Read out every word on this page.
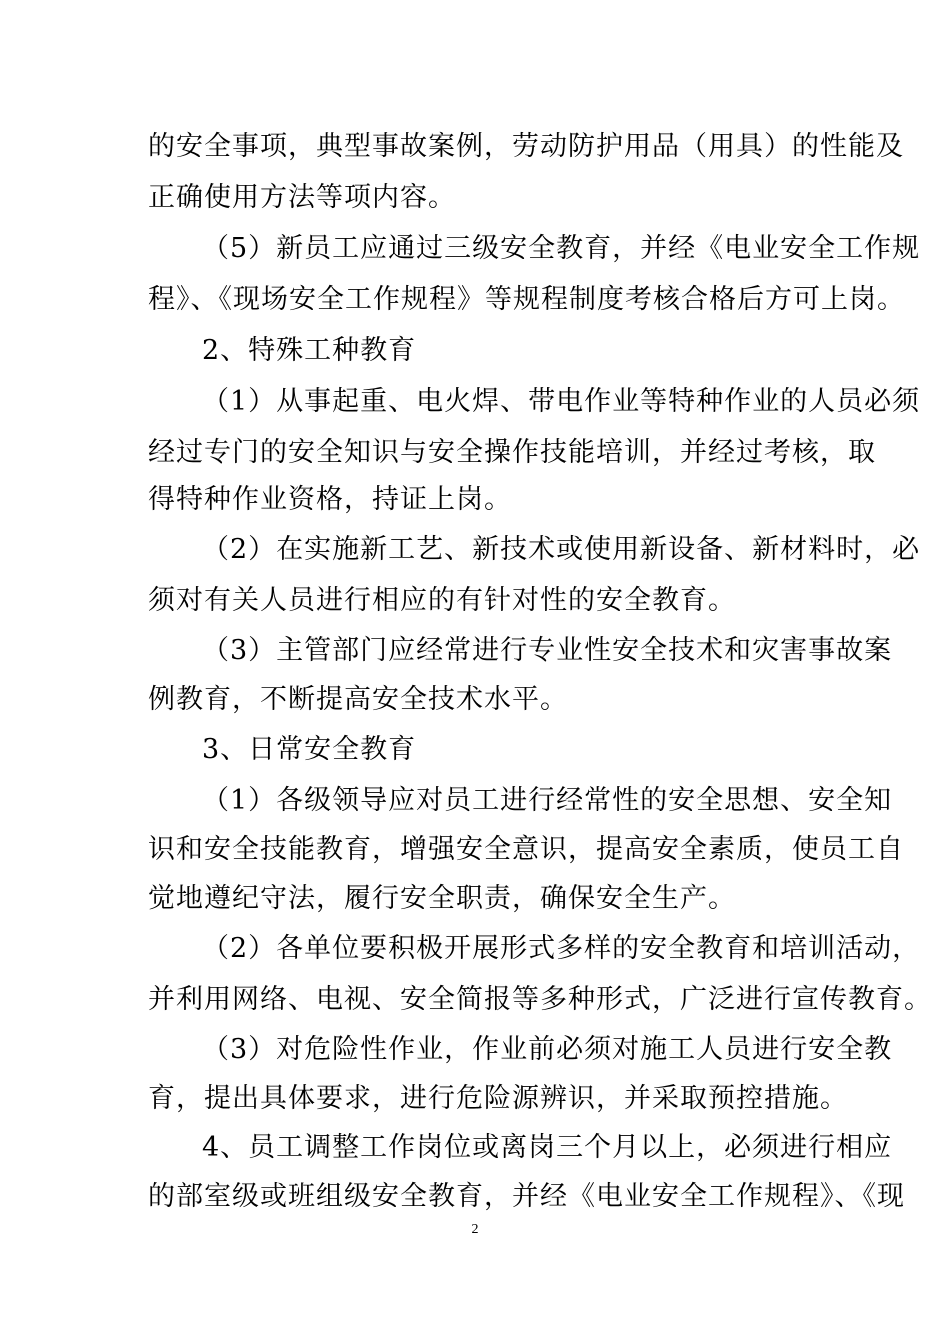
的安全事项，典型事故案例，劳动防护用品（用具）的性能及
正确使用方法等项内容。
（5）新员工应通过三级安全教育，并经《电业安全工作规
程》、《现场安全工作规程》等规程制度考核合格后方可上岗。
2、特殊工种教育
（1）从事起重、电火焊、带电作业等特种作业的人员必须
经过专门的安全知识与安全操作技能培训，并经过考核，取
得特种作业资格，持证上岗。
（2）在实施新工艺、新技术或使用新设备、新材料时，必
须对有关人员进行相应的有针对性的安全教育。
（3）主管部门应经常进行专业性安全技术和灾害事故案
例教育，不断提高安全技术水平。
3、日常安全教育
（1）各级领导应对员工进行经常性的安全思想、安全知
识和安全技能教育，增强安全意识，提高安全素质，使员工自
觉地遵纪守法，履行安全职责，确保安全生产。
（2）各单位要积极开展形式多样的安全教育和培训活动，
并利用网络、电视、安全简报等多种形式，广泛进行宣传教育。
（3）对危险性作业，作业前必须对施工人员进行安全教
育，提出具体要求，进行危险源辨识，并采取预控措施。
4、员工调整工作岗位或离岗三个月以上，必须进行相应
的部室级或班组级安全教育，并经《电业安全工作规程》、《现
2
